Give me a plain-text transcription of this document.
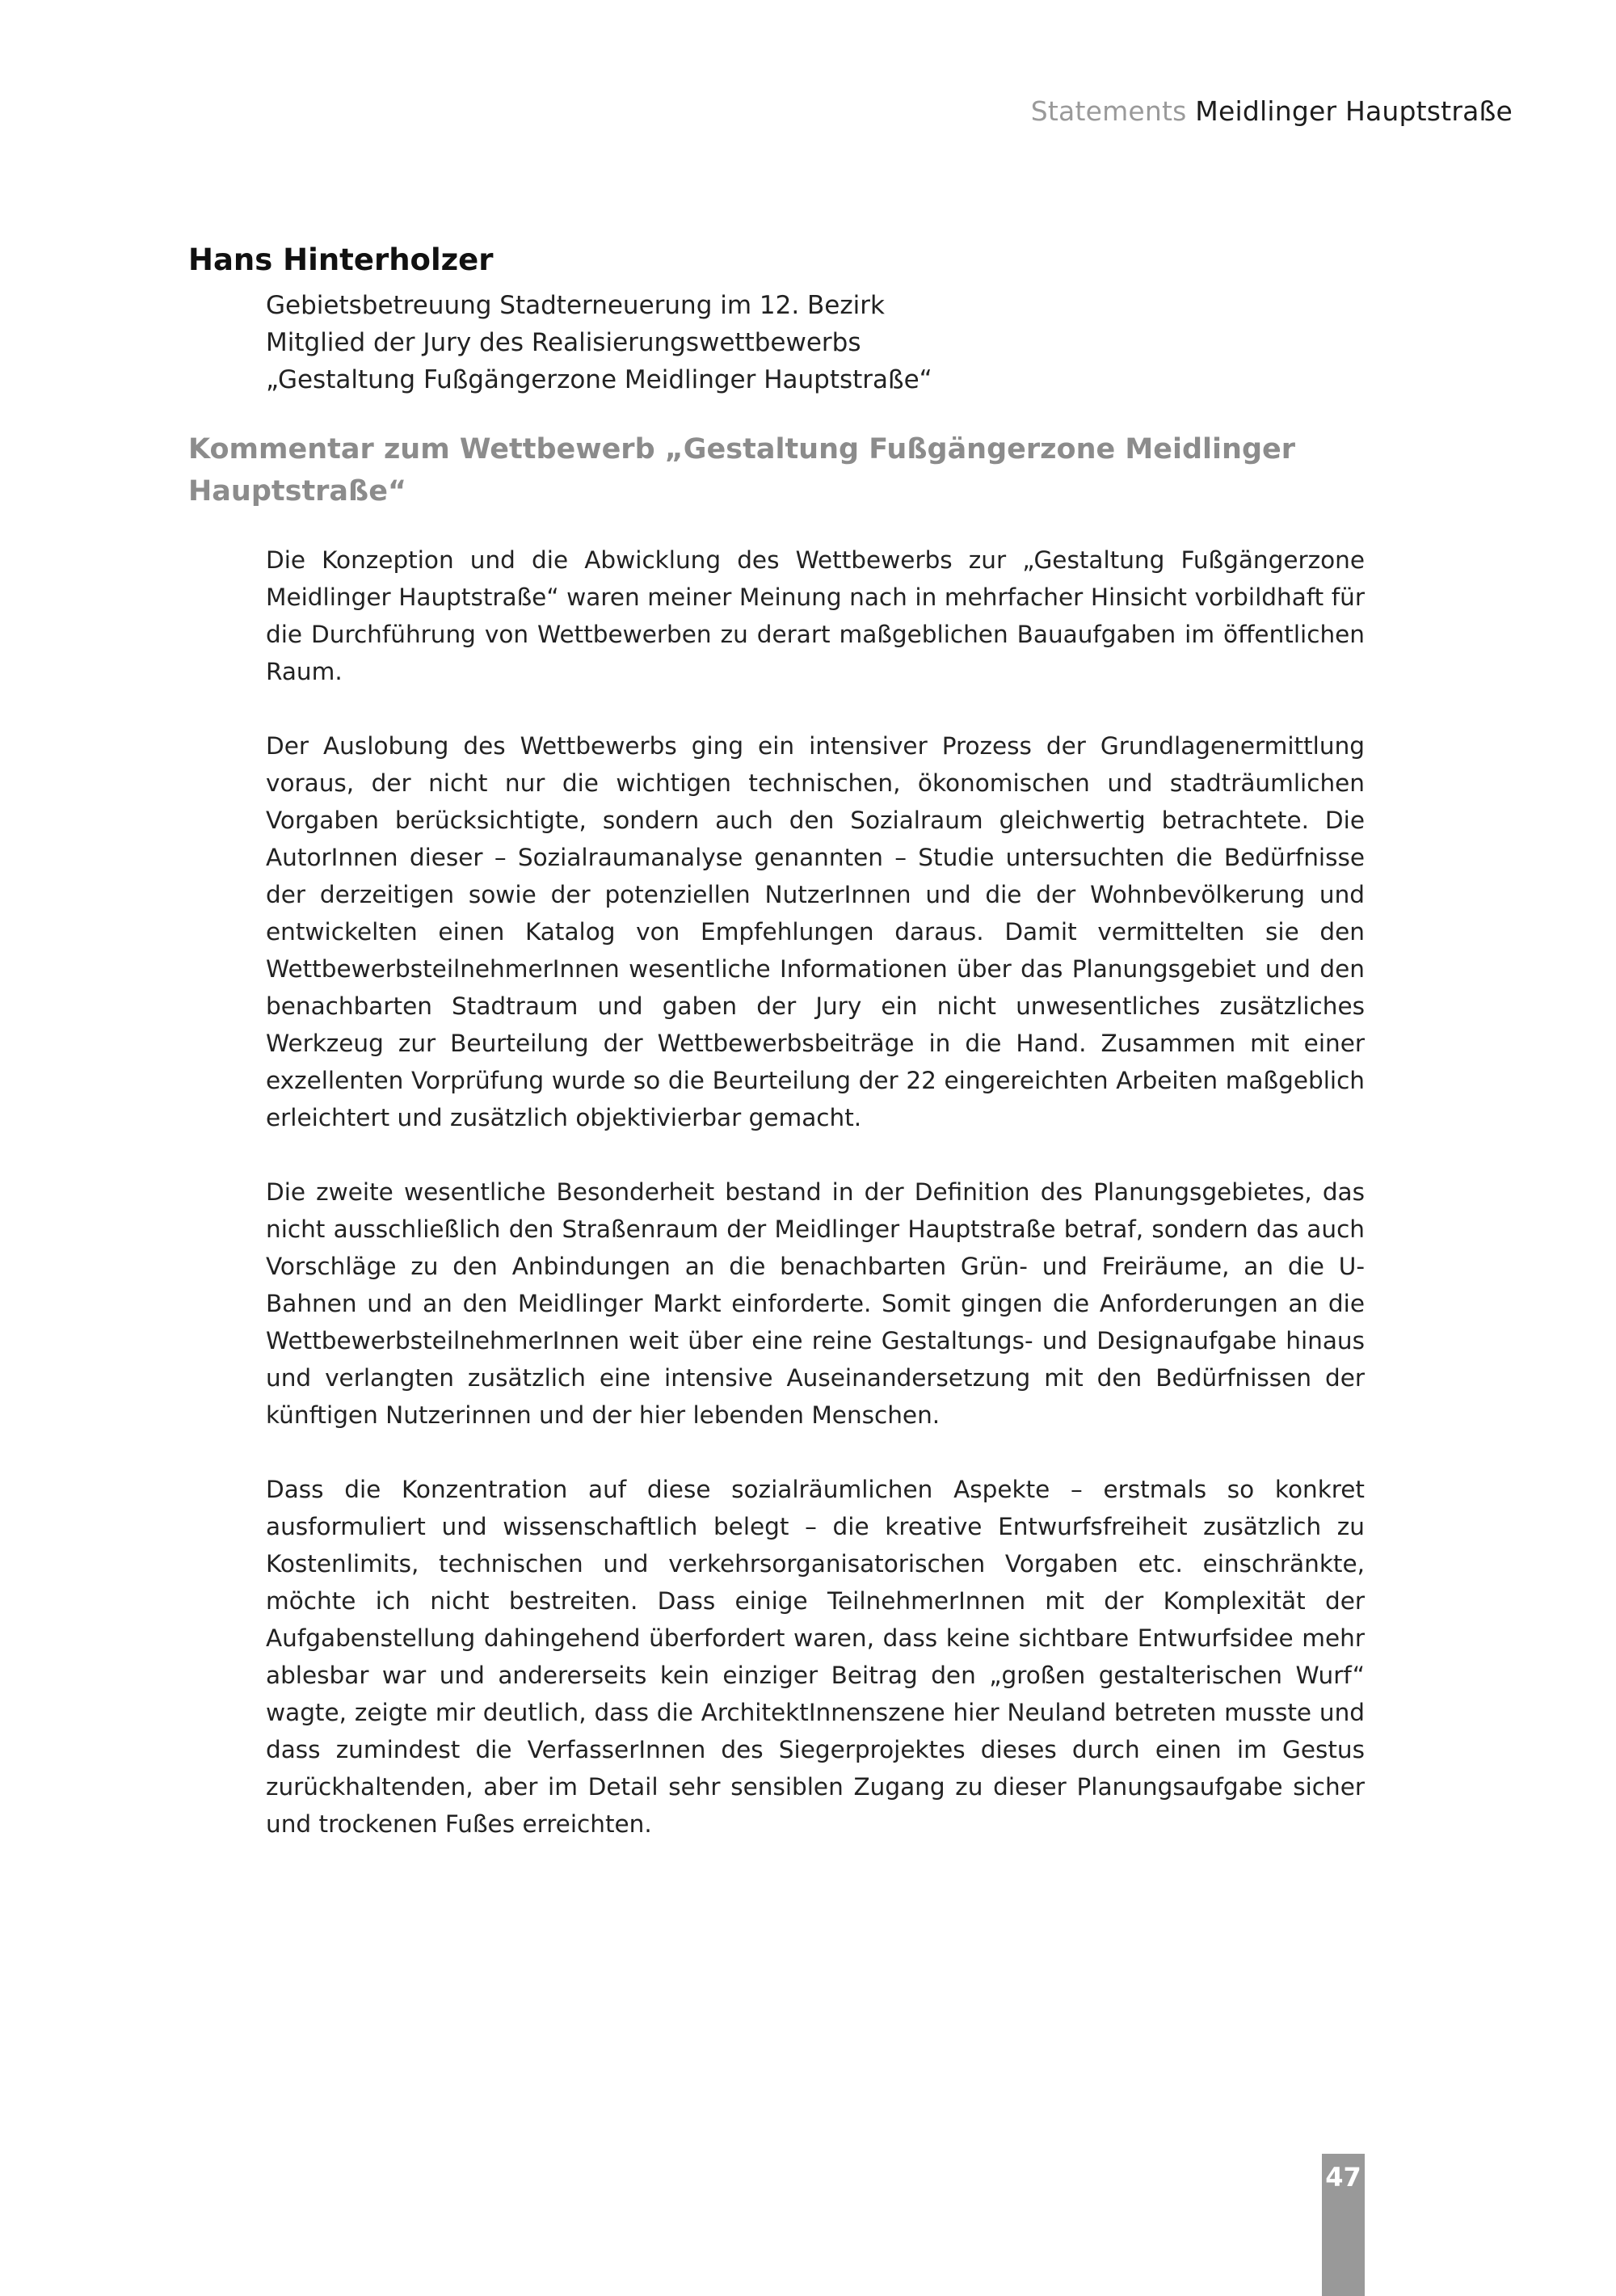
Statements Meidlinger Hauptstraße
Hans Hinterholzer
Gebietsbetreuung Stadterneuerung im 12. Bezirk
Mitglied der Jury des Realisierungswettbewerbs
„Gestaltung Fußgängerzone Meidlinger Hauptstraße“
Kommentar zum Wettbewerb „Gestaltung Fußgängerzone Meidlinger Hauptstraße“

Die Konzeption und die Abwicklung des Wettbewerbs zur „Gestaltung Fußgängerzone Meidlinger Hauptstraße“ waren meiner Meinung nach in mehrfacher Hinsicht vorbildhaft für die Durchführung von Wettbewerben zu derart maßgeblichen Bauaufgaben im öffentlichen Raum.

Der Auslobung des Wettbewerbs ging ein intensiver Prozess der Grundlagenermittlung voraus, der nicht nur die wichtigen technischen, ökonomischen und stadträumlichen Vorgaben berücksichtigte, sondern auch den Sozialraum gleichwertig betrachtete. Die AutorInnen dieser – Sozialraumanalyse genannten – Studie untersuchten die Bedürfnisse der derzeitigen sowie der potenziellen NutzerInnen und die der Wohnbevölkerung und entwickelten einen Katalog von Empfehlungen daraus. Damit vermittelten sie den WettbewerbsteilnehmerInnen wesentliche Informationen über das Planungsgebiet und den benachbarten Stadtraum und gaben der Jury ein nicht unwesentliches zusätzliches Werkzeug zur Beurteilung der Wettbewerbsbeiträge in die Hand. Zusammen mit einer exzellenten Vorprüfung wurde so die Beurteilung der 22 eingereichten Arbeiten maßgeblich erleichtert und zusätzlich objektivierbar gemacht.

Die zweite wesentliche Besonderheit bestand in der Definition des Planungsgebietes, das nicht ausschließlich den Straßenraum der Meidlinger Hauptstraße betraf, sondern das auch Vorschläge zu den Anbindungen an die benachbarten Grün- und Freiräume, an die U-Bahnen und an den Meidlinger Markt einforderte. Somit gingen die Anforderungen an die WettbewerbsteilnehmerInnen weit über eine reine Gestaltungs- und Designaufgabe hinaus und verlangten zusätzlich eine intensive Auseinandersetzung mit den Bedürfnissen der künftigen Nutzerinnen und der hier lebenden Menschen.

Dass die Konzentration auf diese sozialräumlichen Aspekte – erstmals so konkret ausformuliert und wissenschaftlich belegt – die kreative Entwurfsfreiheit zusätzlich zu Kostenlimits, technischen und verkehrsorganisatorischen Vorgaben etc. einschränkte, möchte ich nicht bestreiten. Dass einige TeilnehmerInnen mit der Komplexität der Aufgabenstellung dahingehend überfordert waren, dass keine sichtbare Entwurfsidee mehr ablesbar war und andererseits kein einziger Beitrag den „großen gestalterischen Wurf“ wagte, zeigte mir deutlich, dass die ArchitektInnenszene hier Neuland betreten musste und dass zumindest die VerfasserInnen des Siegerprojektes dieses durch einen im Gestus zurückhaltenden, aber im Detail sehr sensiblen Zugang zu dieser Planungsaufgabe sicher und trockenen Fußes erreichten.

47
